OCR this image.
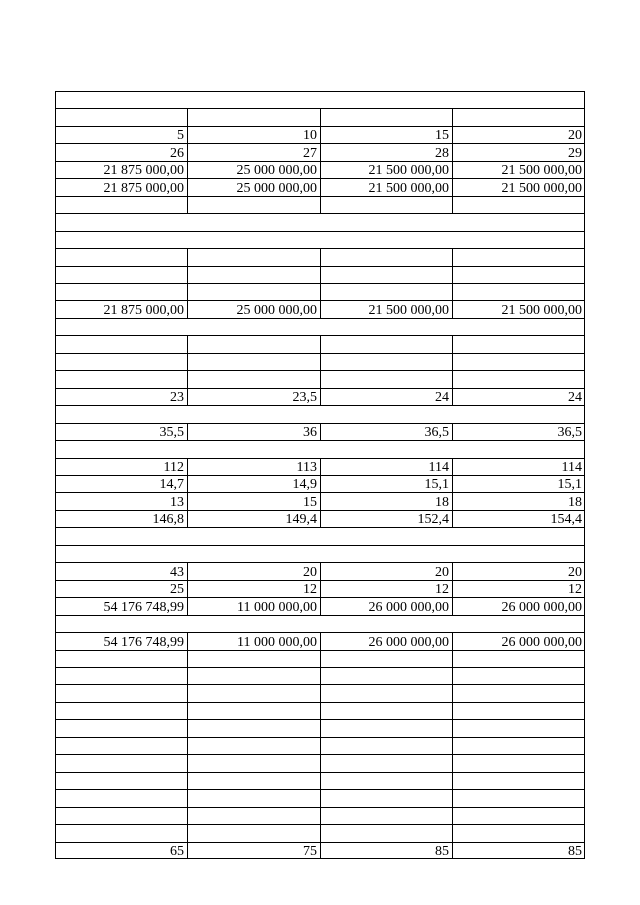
5	10	15	20
26	27	28	29
21 875 000,00	25 000 000,00	21 500 000,00	21 500 000,00
21 875 000,00	25 000 000,00	21 500 000,00	21 500 000,00
21 875 000,00	25 000 000,00	21 500 000,00	21 500 000,00
23	23,5	24	24
35,5	36	36,5	36,5
112	113	114	114
14,7	14,9	15,1	15,1
13	15	18	18
146,8	149,4	152,4	154,4
43	20	20	20
25	12	12	12
54 176 748,99	11 000 000,00	26 000 000,00	26 000 000,00
54 176 748,99	11 000 000,00	26 000 000,00	26 000 000,00
65	75	85	85
